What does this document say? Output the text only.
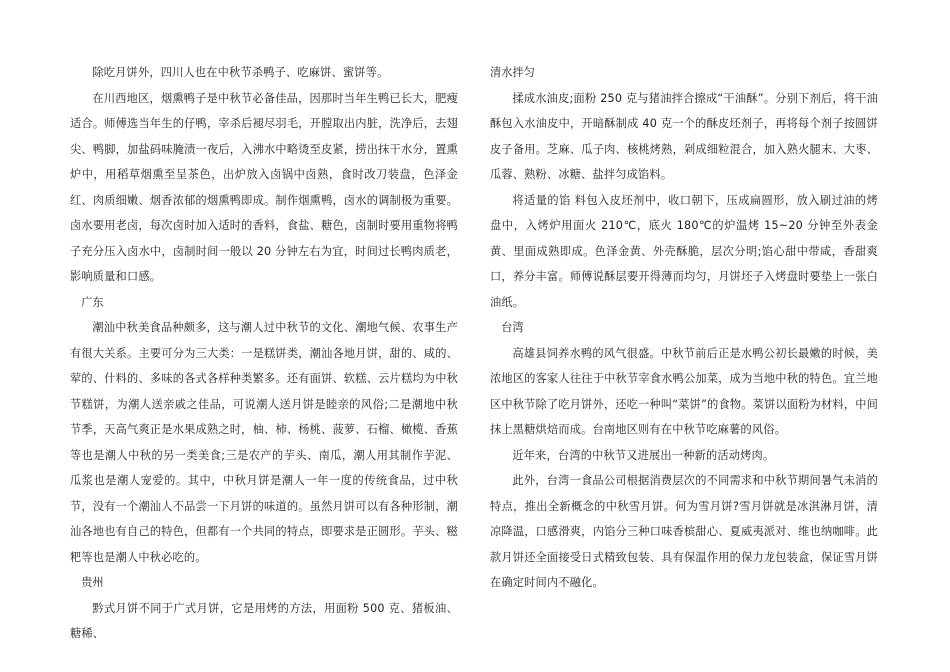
除吃月饼外，四川人也在中秋节杀鸭子、吃麻饼、蜜饼等。

在川西地区，烟熏鸭子是中秋节必备佳品，因那时当年生鸭已长大，肥瘦适合。师傅选当年生的仔鸭，宰杀后褪尽羽毛，开膛取出内脏，洗净后，去翅尖、鸭脚，加盐码味腌渍一夜后，入沸水中略烫至皮紧，捞出抹干水分，置熏炉中，用稻草烟熏至呈茶色，出炉放入卤锅中卤熟，食时改刀装盘，色泽金红、肉质细嫩、烟香浓郁的烟熏鸭即成。制作烟熏鸭，卤水的调制极为重要。卤水要用老卤，每次卤时加入适时的香料，食盐、糖色，卤制时要用重物将鸭子充分压入卤水中，卤制时间一般以 20 分钟左右为宜，时间过长鸭肉质老，影响质量和口感。

广东

潮汕中秋美食品种颇多，这与潮人过中秋节的文化、潮地气候、农事生产有很大关系。主要可分为三大类：一是糕饼类，潮汕各地月饼，甜的、咸的、荤的、什料的、多味的各式各样种类繁多。还有面饼、软糕、云片糕均为中秋节糕饼，为潮人送亲戚之佳品，可说潮人送月饼是睦亲的风俗;二是潮地中秋节季，天高气爽正是水果成熟之时，柚、柿、杨桃、菠萝、石榴、橄榄、香蕉等也是潮人中秋的另一类美食;三是农产的芋头、南瓜，潮人用其制作芋泥、瓜浆也是潮人宠爱的。其中，中秋月饼是潮人一年一度的传统食品，过中秋节，没有一个潮汕人不品尝一下月饼的味道的。虽然月饼可以有各种形制，潮汕各地也有自己的特色，但都有一个共同的特点，即要求是正圆形。芋头、糍粑等也是潮人中秋必吃的。

贵州

黔式月饼不同于广式月饼，它是用烤的方法，用面粉 500 克、猪板油、糖稀、

清水拌匀

揉成水油皮;面粉 250 克与猪油拌合擦成“干油酥”。分别下剂后，将干油酥包入水油皮中，开暗酥制成 40 克一个的酥皮坯剂子，再将每个剂子按圆饼皮子备用。芝麻、瓜子肉、核桃烤熟，剁成细粒混合，加入熟火腿末、大枣、瓜蓉、熟粉、冰糖、盐拌匀成馅料。

将适量的馅 料包入皮坯剂中，收口朝下，压成扁圆形，放入刷过油的烤盘中，入烤炉用面火 210℃，底火 180℃的炉温烤 15~20 分钟至外表金黄、里面成熟即成。色泽金黄、外壳酥脆，层次分明;馅心甜中带咸，香甜爽口，养分丰富。师傅说酥层要开得薄而均匀，月饼坯子入烤盘时要垫上一张白油纸。

台湾

高雄县饲养水鸭的风气很盛。中秋节前后正是水鸭公初长最嫩的时候，美浓地区的客家人往往于中秋节宰食水鸭公加菜，成为当地中秋的特色。宜兰地区中秋节除了吃月饼外，还吃一种叫“菜饼”的食物。菜饼以面粉为材料，中间抹上黑糖烘焙而成。台南地区则有在中秋节吃麻薯的风俗。

近年来，台湾的中秋节又进展出一种新的活动烤肉。

此外，台湾一食品公司根据消费层次的不同需求和中秋节期间暑气未消的特点，推出全新概念的中秋雪月饼。何为雪月饼?雪月饼就是冰淇淋月饼，清凉降温，口感滑爽，内馅分三种口味香槟甜心、夏威夷派对、维也纳咖啡。此款月饼还全面接受日式精致包装、具有保温作用的保力龙包装盒，保证雪月饼在确定时间内不融化。
